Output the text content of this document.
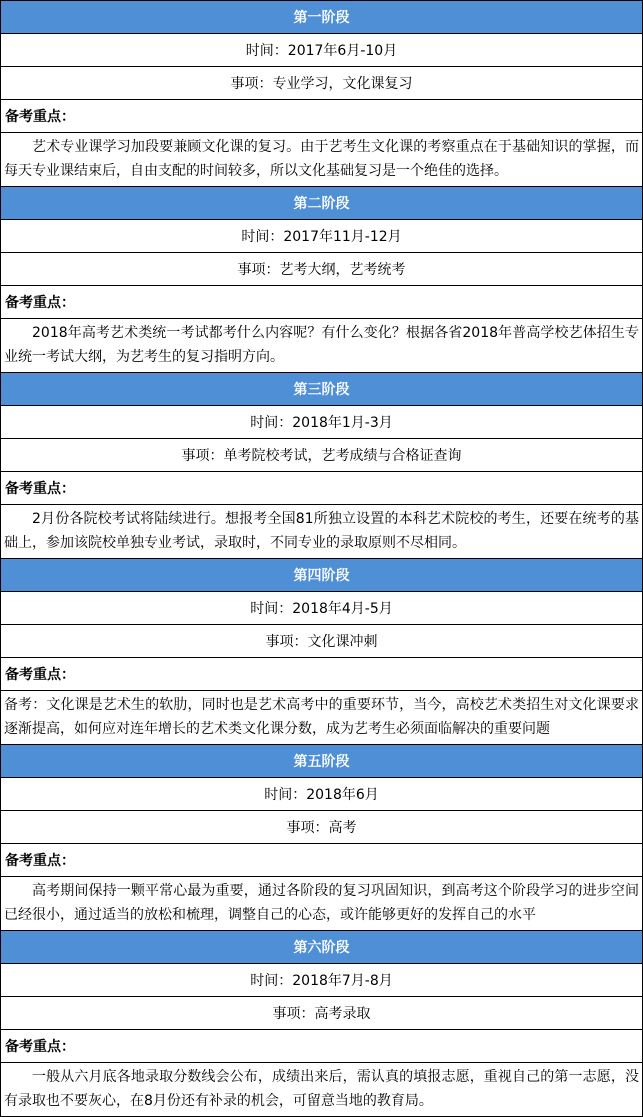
第一阶段
时间：2017年6月-10月
事项：专业学习，文化课复习
备考重点：
艺术专业课学习加段要兼顾文化课的复习。由于艺考生文化课的考察重点在于基础知识的掌握，而每天专业课结束后，自由支配的时间较多，所以文化基础复习是一个绝佳的选择。
第二阶段
时间：2017年11月-12月
事项：艺考大纲，艺考统考
备考重点：
2018年高考艺术类统一考试都考什么内容呢？有什么变化？根据各省2018年普高学校艺体招生专业统一考试大纲，为艺考生的复习指明方向。
第三阶段
时间：2018年1月-3月
事项：单考院校考试，艺考成绩与合格证查询
备考重点：
2月份各院校考试将陆续进行。想报考全国81所独立设置的本科艺术院校的考生，还要在统考的基础上，参加该院校单独专业考试，录取时，不同专业的录取原则不尽相同。
第四阶段
时间：2018年4月-5月
事项：文化课冲刺
备考重点：
备考：文化课是艺术生的软肋，同时也是艺术高考中的重要环节，当今，高校艺术类招生对文化课要求逐渐提高，如何应对连年增长的艺术类文化课分数，成为艺考生必须面临解决的重要问题
第五阶段
时间：2018年6月
事项：高考
备考重点：
高考期间保持一颗平常心最为重要，通过各阶段的复习巩固知识，到高考这个阶段学习的进步空间已经很小，通过适当的放松和梳理，调整自己的心态，或许能够更好的发挥自己的水平
第六阶段
时间：2018年7月-8月
事项：高考录取
备考重点：
一般从六月底各地录取分数线会公布，成绩出来后，需认真的填报志愿，重视自己的第一志愿，没有录取也不要灰心，在8月份还有补录的机会，可留意当地的教育局。
